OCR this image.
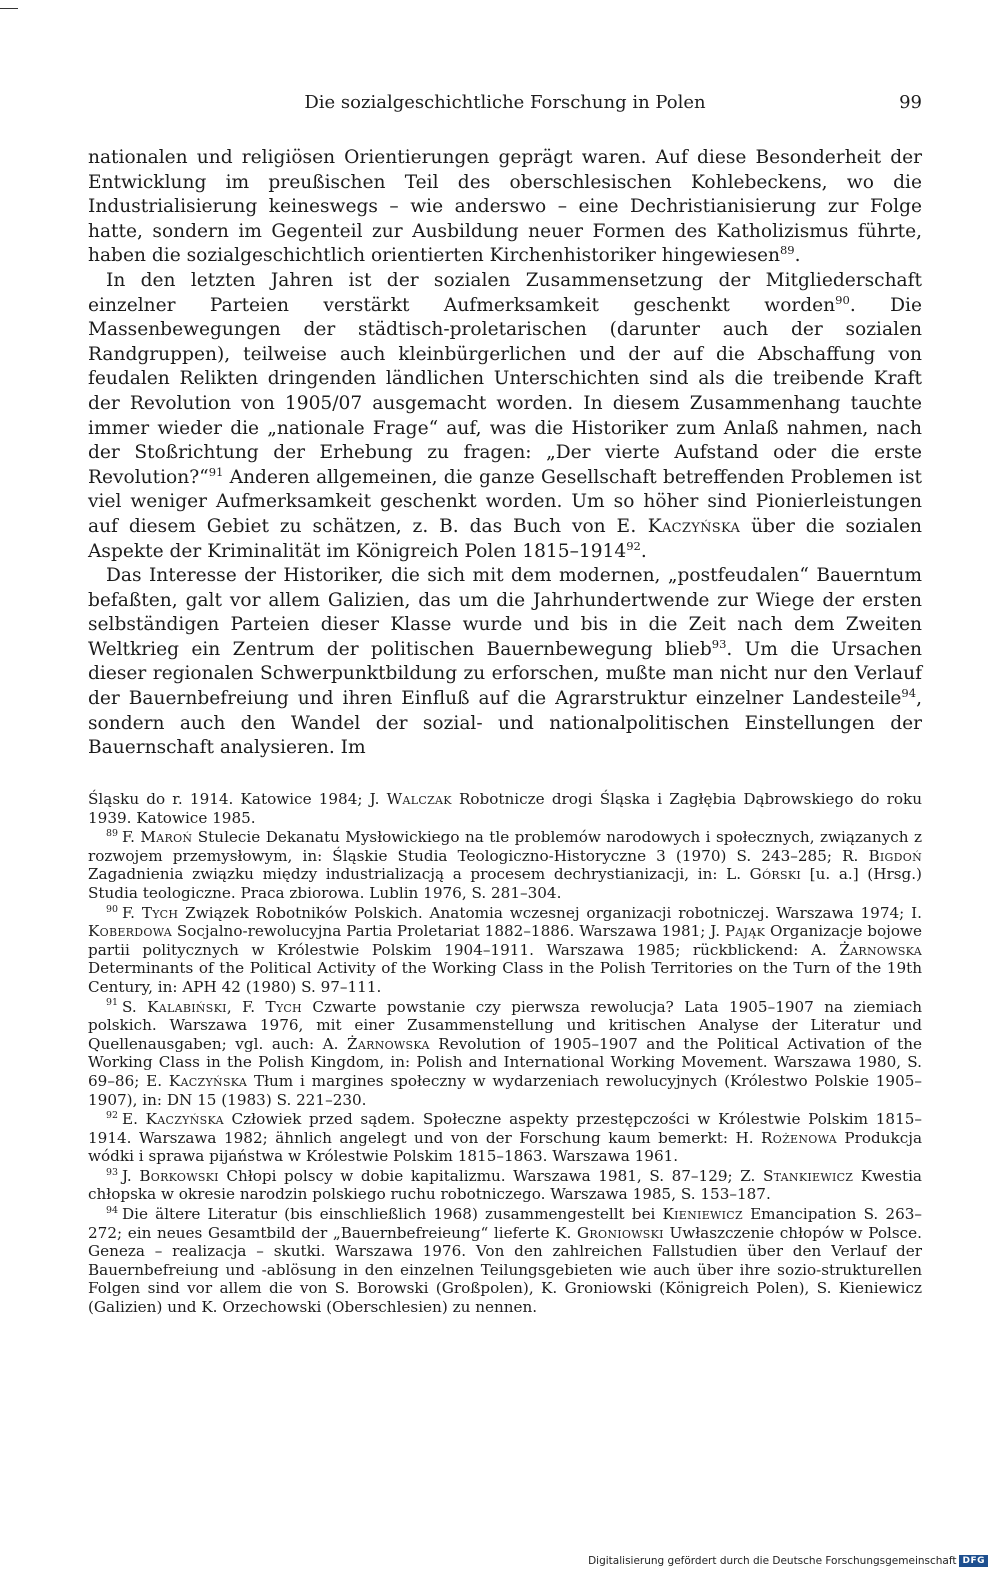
Die sozialgeschichtliche Forschung in Polen	99

nationalen und religiösen Orientierungen geprägt waren. Auf diese Besonderheit der Entwicklung im preußischen Teil des oberschlesischen Kohlebeckens, wo die Industrialisierung keineswegs – wie anderswo – eine Dechristianisierung zur Folge hatte, sondern im Gegenteil zur Ausbildung neuer Formen des Katholizismus führte, haben die sozialgeschichtlich orientierten Kirchenhistoriker hingewiesen$^{89}$.

In den letzten Jahren ist der sozialen Zusammensetzung der Mitgliederschaft einzelner Parteien verstärkt Aufmerksamkeit geschenkt worden$^{90}$. Die Massenbewegungen der städtisch-proletarischen (darunter auch der sozialen Randgruppen), teilweise auch kleinbürgerlichen und der auf die Abschaffung von feudalen Relikten dringenden ländlichen Unterschichten sind als die treibende Kraft der Revolution von 1905/07 ausgemacht worden. In diesem Zusammenhang tauchte immer wieder die „nationale Frage“ auf, was die Historiker zum Anlaß nahmen, nach der Stoßrichtung der Erhebung zu fragen: „Der vierte Aufstand oder die erste Revolution?“$^{91}$ Anderen allgemeinen, die ganze Gesellschaft betreffenden Problemen ist viel weniger Aufmerksamkeit geschenkt worden. Um so höher sind Pionierleistungen auf diesem Gebiet zu schätzen, z. B. das Buch von E. Kaczyńska über die sozialen Aspekte der Kriminalität im Königreich Polen 1815–1914$^{92}$.

Das Interesse der Historiker, die sich mit dem modernen, „postfeudalen“ Bauerntum befaßten, galt vor allem Galizien, das um die Jahrhundertwende zur Wiege der ersten selbständigen Parteien dieser Klasse wurde und bis in die Zeit nach dem Zweiten Weltkrieg ein Zentrum der politischen Bauernbewegung blieb$^{93}$. Um die Ursachen dieser regionalen Schwerpunktbildung zu erforschen, mußte man nicht nur den Verlauf der Bauernbefreiung und ihren Einfluß auf die Agrarstruktur einzelner Landesteile$^{94}$, sondern auch den Wandel der sozial- und nationalpolitischen Einstellungen der Bauernschaft analysieren. Im

Śląsku do r. 1914. Katowice 1984; J. Walczak Robotnicze drogi Śląska i Zagłębia Dąbrowskiego do roku 1939. Katowice 1985.

$^{89}$ F. Maroń Stulecie Dekanatu Mysłowickiego na tle problemów narodowych i społecznych, związanych z rozwojem przemysłowym, in: Śląskie Studia Teologiczno-Historyczne 3 (1970) S. 243–285; R. Bigdoń Zagadnienia związku między industrializacją a procesem dechrystianizacji, in: L. Górski [u. a.] (Hrsg.) Studia teologiczne. Praca zbiorowa. Lublin 1976, S. 281–304.

$^{90}$ F. Tych Związek Robotników Polskich. Anatomia wczesnej organizacji robotniczej. Warszawa 1974; I. Koberdowa Socjalno-rewolucyjna Partia Proletariat 1882–1886. Warszawa 1981; J. Pająk Organizacje bojowe partii politycznych w Królestwie Polskim 1904–1911. Warszawa 1985; rückblickend: A. Żarnowska Determinants of the Political Activity of the Working Class in the Polish Territories on the Turn of the 19th Century, in: APH 42 (1980) S. 97–111.

$^{91}$ S. Kalabiński, F. Tych Czwarte powstanie czy pierwsza rewolucja? Lata 1905–1907 na ziemiach polskich. Warszawa 1976, mit einer Zusammenstellung und kritischen Analyse der Literatur und Quellenausgaben; vgl. auch: A. Żarnowska Revolution of 1905–1907 and the Political Activation of the Working Class in the Polish Kingdom, in: Polish and International Working Movement. Warszawa 1980, S. 69–86; E. Kaczyńska Tłum i margines społeczny w wydarzeniach rewolucyjnych (Królestwo Polskie 1905–1907), in: DN 15 (1983) S. 221–230.

$^{92}$ E. Kaczyńska Człowiek przed sądem. Społeczne aspekty przestępczości w Królestwie Polskim 1815–1914. Warszawa 1982; ähnlich angelegt und von der Forschung kaum bemerkt: H. Rożenowa Produkcja wódki i sprawa pijaństwa w Królestwie Polskim 1815–1863. Warszawa 1961.

$^{93}$ J. Borkowski Chłopi polscy w dobie kapitalizmu. Warszawa 1981, S. 87–129; Z. Stankiewicz Kwestia chłopska w okresie narodzin polskiego ruchu robotniczego. Warszawa 1985, S. 153–187.

$^{94}$ Die ältere Literatur (bis einschließlich 1968) zusammengestellt bei Kieniewicz Emancipation S. 263–272; ein neues Gesamtbild der „Bauernbefreieung“ lieferte K. Groniowski Uwłaszczenie chłopów w Polsce. Geneza – realizacja – skutki. Warszawa 1976. Von den zahlreichen Fallstudien über den Verlauf der Bauernbefreiung und -ablösung in den einzelnen Teilungsgebieten wie auch über ihre sozio-strukturellen Folgen sind vor allem die von S. Borowski (Großpolen), K. Groniowski (Königreich Polen), S. Kieniewicz (Galizien) und K. Orzechowski (Oberschlesien) zu nennen.

Digitalisierung gefördert durch die Deutsche Forschungsgemeinschaft DFG
